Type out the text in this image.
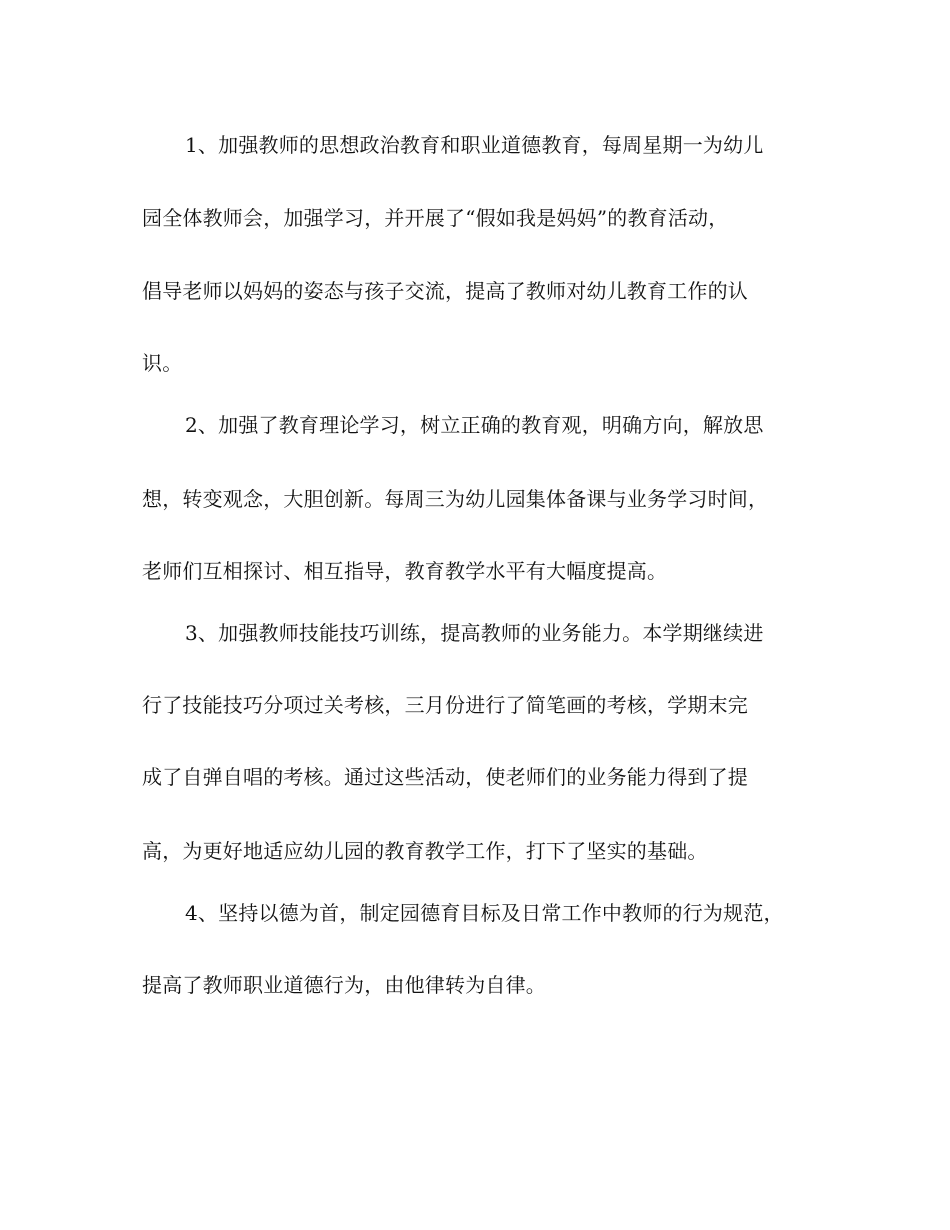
1、加强教师的思想政治教育和职业道德教育，每周星期一为幼儿
园全体教师会，加强学习，并开展了“假如我是妈妈”的教育活动，
倡导老师以妈妈的姿态与孩子交流，提高了教师对幼儿教育工作的认
识。
2、加强了教育理论学习，树立正确的教育观，明确方向，解放思
想，转变观念，大胆创新。每周三为幼儿园集体备课与业务学习时间，
老师们互相探讨、相互指导，教育教学水平有大幅度提高。
3、加强教师技能技巧训练，提高教师的业务能力。本学期继续进
行了技能技巧分项过关考核，三月份进行了简笔画的考核，学期末完
成了自弹自唱的考核。通过这些活动，使老师们的业务能力得到了提
高，为更好地适应幼儿园的教育教学工作，打下了坚实的基础。
4、坚持以德为首，制定园德育目标及日常工作中教师的行为规范，
提高了教师职业道德行为，由他律转为自律。
